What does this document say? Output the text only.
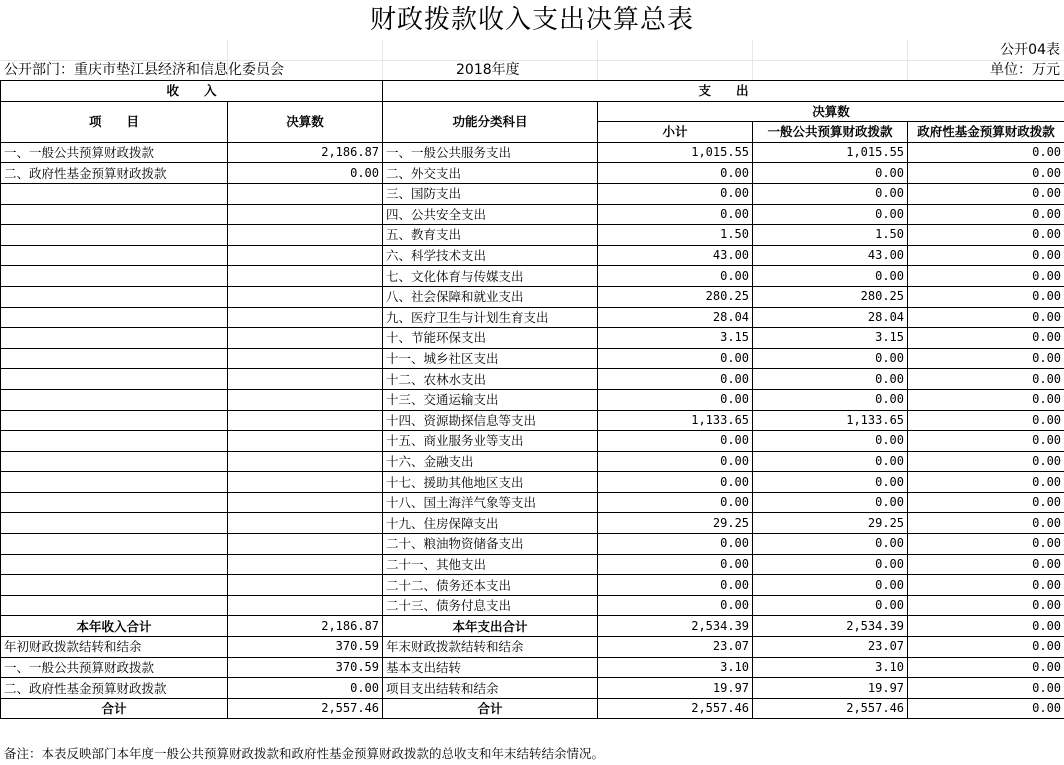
财政拨款收入支出决算总表
公开04表
公开部门：重庆市垫江县经济和信息化委员会	2018年度	单位：万元
收　　入		支　　出			
项　　目	决算数	功能分类科目	决算数		
			小计	一般公共预算财政拨款	政府性基金预算财政拨款

一、一般公共预算财政拨款	2,186.87	一、一般公共服务支出	1,015.55	1,015.55	0.00
二、政府性基金预算财政拨款	0.00	二、外交支出	0.00	0.00	0.00
		三、国防支出	0.00	0.00	0.00
		四、公共安全支出	0.00	0.00	0.00
		五、教育支出	1.50	1.50	0.00
		六、科学技术支出	43.00	43.00	0.00
		七、文化体育与传媒支出	0.00	0.00	0.00
		八、社会保障和就业支出	280.25	280.25	0.00
		九、医疗卫生与计划生育支出	28.04	28.04	0.00
		十、节能环保支出	3.15	3.15	0.00
		十一、城乡社区支出	0.00	0.00	0.00
		十二、农林水支出	0.00	0.00	0.00
		十三、交通运输支出	0.00	0.00	0.00
		十四、资源勘探信息等支出	1,133.65	1,133.65	0.00
		十五、商业服务业等支出	0.00	0.00	0.00
		十六、金融支出	0.00	0.00	0.00
		十七、援助其他地区支出	0.00	0.00	0.00
		十八、国土海洋气象等支出	0.00	0.00	0.00
		十九、住房保障支出	29.25	29.25	0.00
		二十、粮油物资储备支出	0.00	0.00	0.00
		二十一、其他支出	0.00	0.00	0.00
		二十二、债务还本支出	0.00	0.00	0.00
		二十三、债务付息支出	0.00	0.00	0.00
本年收入合计	2,186.87	本年支出合计	2,534.39	2,534.39	0.00
年初财政拨款结转和结余	370.59	年末财政拨款结转和结余	23.07	23.07	0.00
一、一般公共预算财政拨款	370.59	基本支出结转	3.10	3.10	0.00
二、政府性基金预算财政拨款	0.00	项目支出结转和结余	19.97	19.97	0.00
合计	2,557.46	合计	2,557.46	2,557.46	0.00
备注：本表反映部门本年度一般公共预算财政拨款和政府性基金预算财政拨款的总收支和年末结转结余情况。
